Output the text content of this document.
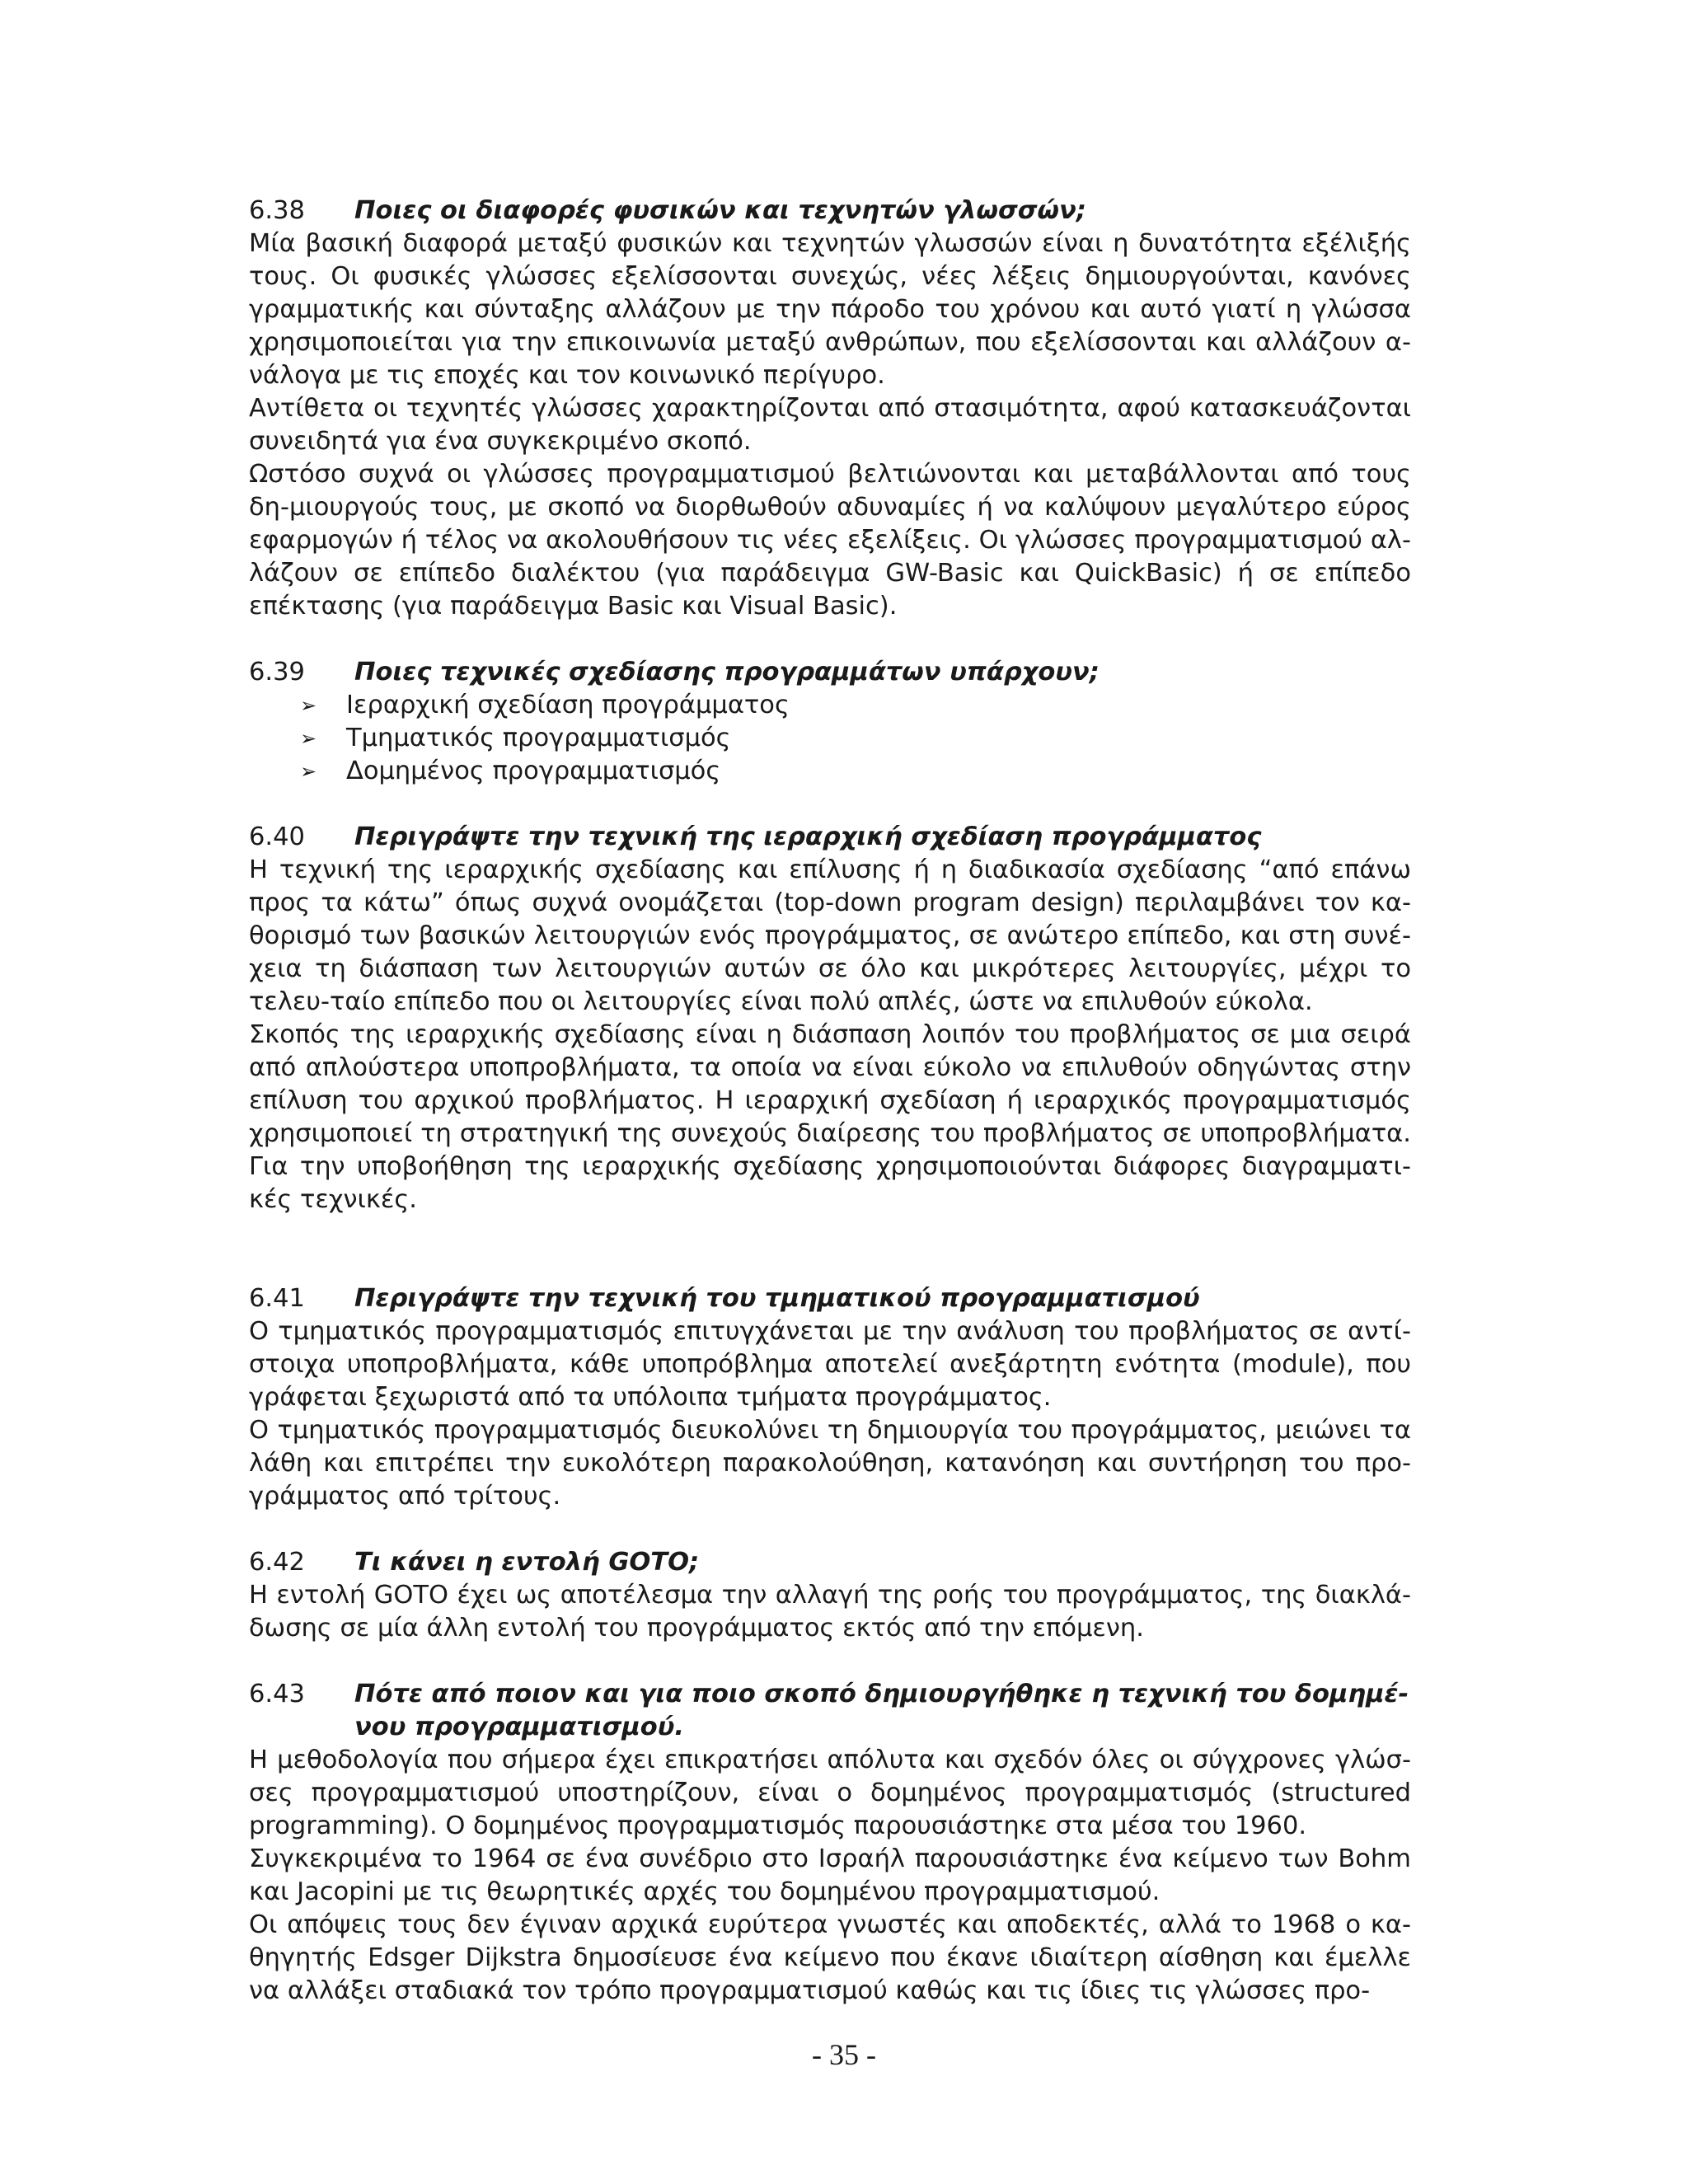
6.38	Ποιες οι διαφορές φυσικών και τεχνητών γλωσσών;

Μία βασική διαφορά μεταξύ φυσικών και τεχνητών γλωσσών είναι η δυνατότητα εξέλιξής τους. Οι φυσικές γλώσσες εξελίσσονται συνεχώς, νέες λέξεις δημιουργούνται, κανόνες γραμματικής και σύνταξης αλλάζουν με την πάροδο του χρόνου και αυτό γιατί η γλώσσα χρησιμοποιείται για την επικοινωνία μεταξύ ανθρώπων, που εξελίσσονται και αλλάζουν α-νάλογα με τις εποχές και τον κοινωνικό περίγυρο.

Αντίθετα οι τεχνητές γλώσσες χαρακτηρίζονται από στασιμότητα, αφού κατασκευάζονται συνειδητά για ένα συγκεκριμένο σκοπό.

Ωστόσο συχνά οι γλώσσες προγραμματισμού βελτιώνονται και μεταβάλλονται από τους δη-μιουργούς τους, με σκοπό να διορθωθούν αδυναμίες ή να καλύψουν μεγαλύτερο εύρος εφαρμογών ή τέλος να ακολουθήσουν τις νέες εξελίξεις. Οι γλώσσες προγραμματισμού αλ-λάζουν σε επίπεδο διαλέκτου (για παράδειγμα GW-Basic και QuickBasic) ή σε επίπεδο επέκτασης (για παράδειγμα Basic και Visual Basic).

6.39	Ποιες τεχνικές σχεδίασης προγραμμάτων υπάρχουν;
➢	Ιεραρχική σχεδίαση προγράμματος
➢	Τμηματικός προγραμματισμός
➢	Δομημένος προγραμματισμός
6.40	Περιγράψτε την τεχνική της ιεραρχική σχεδίαση προγράμματος

Η τεχνική της ιεραρχικής σχεδίασης και επίλυσης ή η διαδικασία σχεδίασης “από επάνω προς τα κάτω” όπως συχνά ονομάζεται (top-down program design) περιλαμβάνει τον κα-θορισμό των βασικών λειτουργιών ενός προγράμματος, σε ανώτερο επίπεδο, και στη συνέ-χεια τη διάσπαση των λειτουργιών αυτών σε όλο και μικρότερες λειτουργίες, μέχρι το τελευ-ταίο επίπεδο που οι λειτουργίες είναι πολύ απλές, ώστε να επιλυθούν εύκολα.

Σκοπός της ιεραρχικής σχεδίασης είναι η διάσπαση λοιπόν του προβλήματος σε μια σειρά από απλούστερα υποπροβλήματα, τα οποία να είναι εύκολο να επιλυθούν οδηγώντας στην επίλυση του αρχικού προβλήματος. Η ιεραρχική σχεδίαση ή ιεραρχικός προγραμματισμός χρησιμοποιεί τη στρατηγική της συνεχούς διαίρεσης του προβλήματος σε υποπροβλήματα. Για την υποβοήθηση της ιεραρχικής σχεδίασης χρησιμοποιούνται διάφορες διαγραμματι-κές τεχνικές.

6.41	Περιγράψτε την τεχνική του τμηματικού προγραμματισμού

Ο τμηματικός προγραμματισμός επιτυγχάνεται με την ανάλυση του προβλήματος σε αντί-στοιχα υποπροβλήματα, κάθε υποπρόβλημα αποτελεί ανεξάρτητη ενότητα (module), που γράφεται ξεχωριστά από τα υπόλοιπα τμήματα προγράμματος.

Ο τμηματικός προγραμματισμός διευκολύνει τη δημιουργία του προγράμματος, μειώνει τα λάθη και επιτρέπει την ευκολότερη παρακολούθηση, κατανόηση και συντήρηση του προ-γράμματος από τρίτους.

6.42	Τι κάνει η εντολή GOTO;

Η εντολή GOTO έχει ως αποτέλεσμα την αλλαγή της ροής του προγράμματος, της διακλά-δωσης σε μία άλλη εντολή του προγράμματος εκτός από την επόμενη.

6.43	Πότε από ποιον και για ποιο σκοπό δημιουργήθηκε η τεχνική του δομημέ-νου προγραμματισμού.

Η μεθοδολογία που σήμερα έχει επικρατήσει απόλυτα και σχεδόν όλες οι σύγχρονες γλώσ-σες προγραμματισμού υποστηρίζουν, είναι ο δομημένος προγραμματισμός (structured programming). Ο δομημένος προγραμματισμός παρουσιάστηκε στα μέσα του 1960.

Συγκεκριμένα το 1964 σε ένα συνέδριο στο Ισραήλ παρουσιάστηκε ένα κείμενο των Bohm και Jacopini με τις θεωρητικές αρχές του δομημένου προγραμματισμού.

Οι απόψεις τους δεν έγιναν αρχικά ευρύτερα γνωστές και αποδεκτές, αλλά το 1968 ο κα-θηγητής Edsger Dijkstra δημοσίευσε ένα κείμενο που έκανε ιδιαίτερη αίσθηση και έμελλε να αλλάξει σταδιακά τον τρόπο προγραμματισμού καθώς και τις ίδιες τις γλώσσες προ-

- 35 -
